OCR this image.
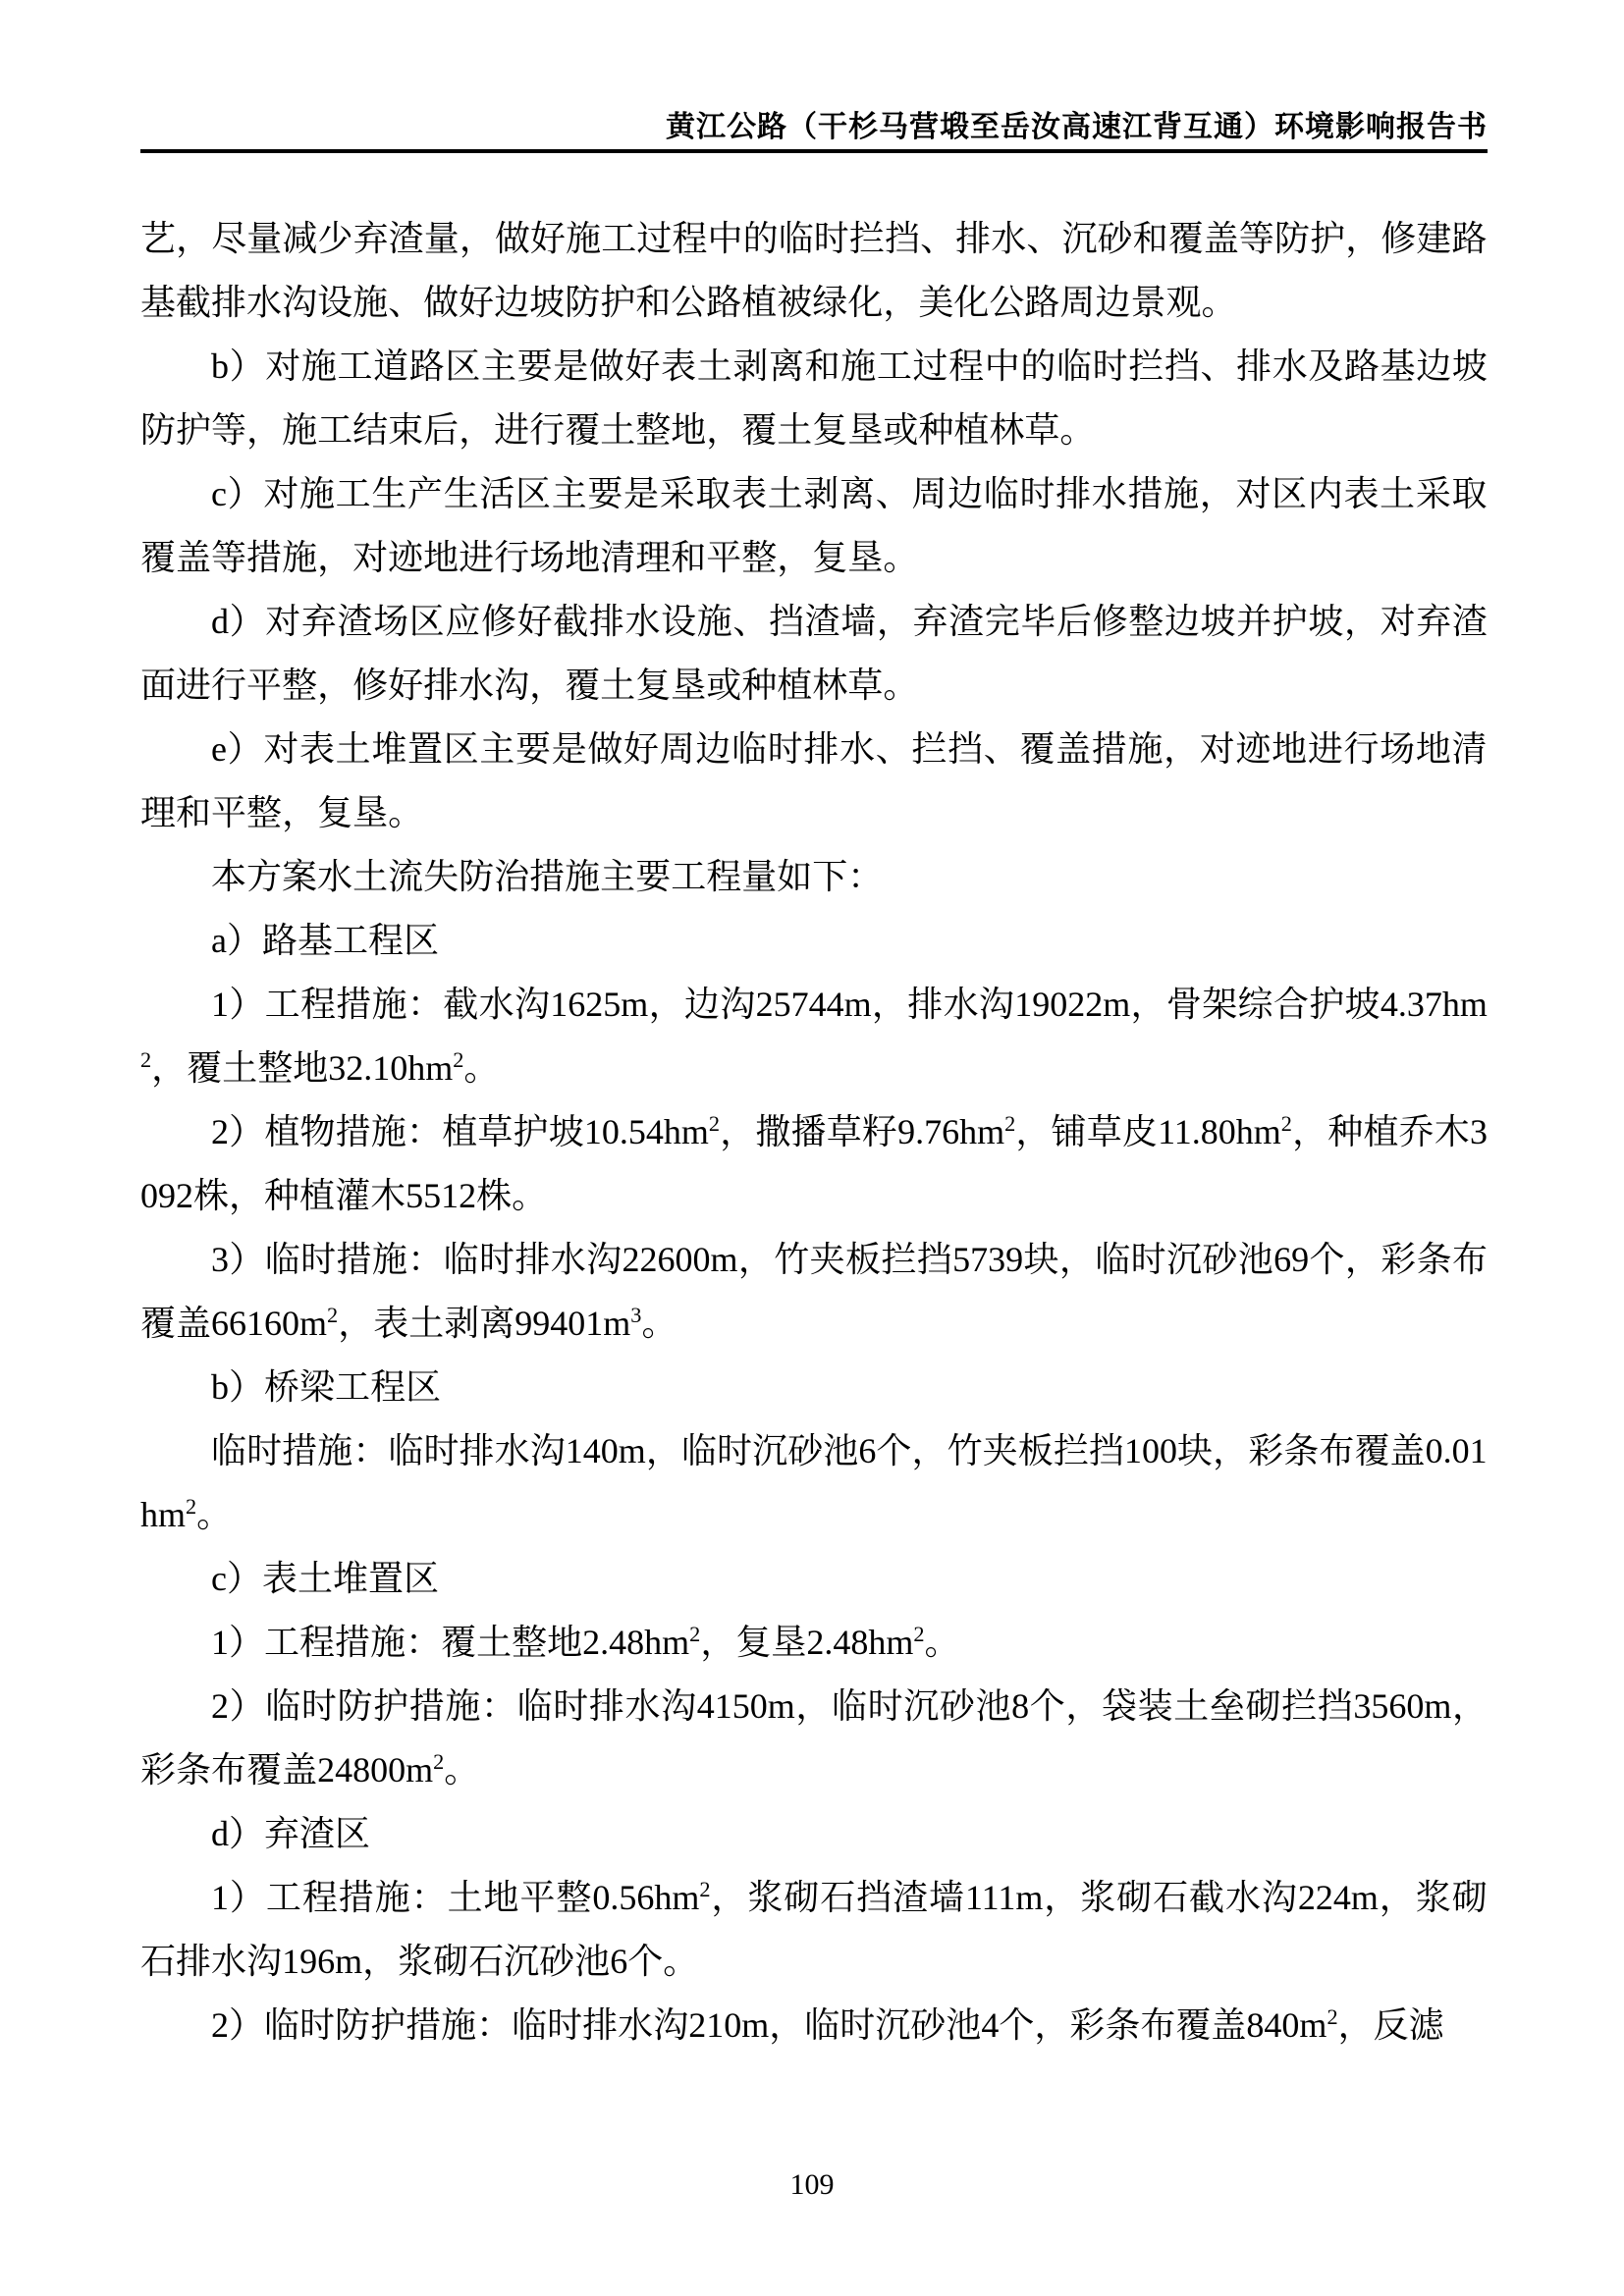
黄江公路（干杉马营塅至岳汝高速江背互通）环境影响报告书

艺，尽量减少弃渣量，做好施工过程中的临时拦挡、排水、沉砂和覆盖等防护，修建路基截排水沟设施、做好边坡防护和公路植被绿化，美化公路周边景观。

b）对施工道路区主要是做好表土剥离和施工过程中的临时拦挡、排水及路基边坡防护等，施工结束后，进行覆土整地，覆土复垦或种植林草。

c）对施工生产生活区主要是采取表土剥离、周边临时排水措施，对区内表土采取覆盖等措施，对迹地进行场地清理和平整，复垦。

d）对弃渣场区应修好截排水设施、挡渣墙，弃渣完毕后修整边坡并护坡，对弃渣面进行平整，修好排水沟，覆土复垦或种植林草。

e）对表土堆置区主要是做好周边临时排水、拦挡、覆盖措施，对迹地进行场地清理和平整，复垦。

本方案水土流失防治措施主要工程量如下：

a）路基工程区

1）工程措施：截水沟1625m，边沟25744m，排水沟19022m，骨架综合护坡$4.37hm^2$，覆土整地$32.10hm^2$。

2）植物措施：植草护坡$10.54hm^2$，撒播草籽$9.76hm^2$，铺草皮$11.80hm^2$，种植乔木3092株，种植灌木5512株。

3）临时措施：临时排水沟22600m，竹夹板拦挡5739块，临时沉砂池69个，彩条布覆盖$66160m^2$，表土剥离$99401m^3$。

b）桥梁工程区

临时措施：临时排水沟140m，临时沉砂池6个，竹夹板拦挡100块，彩条布覆盖$0.01hm^2$。

c）表土堆置区

1）工程措施：覆土整地$2.48hm^2$，复垦$2.48hm^2$。

2）临时防护措施：临时排水沟4150m，临时沉砂池8个，袋装土垒砌拦挡3560m，彩条布覆盖$24800m^2$。

d）弃渣区

1）工程措施：土地平整$0.56hm^2$，浆砌石挡渣墙111m，浆砌石截水沟224m，浆砌石排水沟196m，浆砌石沉砂池6个。

2）临时防护措施：临时排水沟210m，临时沉砂池4个，彩条布覆盖$840m^2$，反滤

109
